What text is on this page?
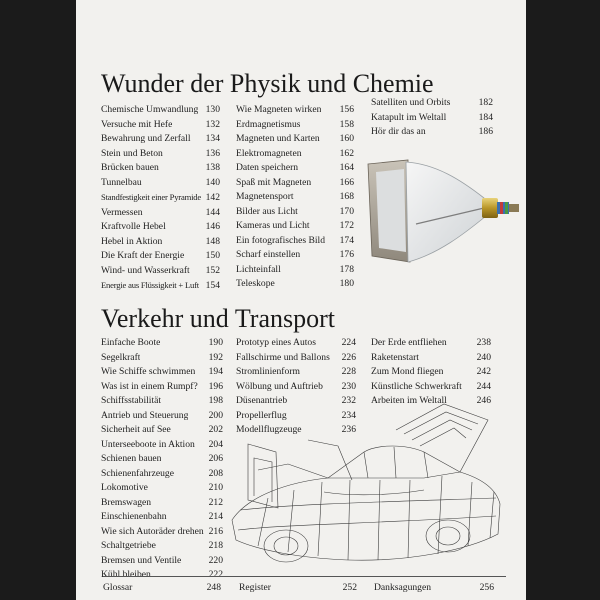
Wunder der Physik und Chemie
Chemische Umwandlung 130
Versuche mit Hefe	132
Bewahrung und Zerfall 134
Stein und Beton	136
Brücken bauen	138
Tunnelbau	140
Standfestigkeit einer Pyramide 142
Vermessen	144
Kraftvolle Hebel	146
Hebel in Aktion	148
Die Kraft der Energie 150
Wind- und Wasserkraft 152
Energie aus Flüssigkeit + Luft 154
Wie Magneten wirken 156
Erdmagnetismus	158
Magneten und Karten 160
Elektromagneten	162
Daten speichern	164
Spaß mit Magneten	166
Magnetensport	168
Bilder aus Licht	170
Kameras und Licht	172
Ein fotografisches Bild 174
Scharf einstellen	176
Lichteinfall	178
Teleskope	180
Satelliten und Orbits	182
Katapult im Weltall	184
Hör dir das an	186
Verkehr und Transport
Einfache Boote	190
Segelkraft	192
Wie Schiffe schwimmen 194
Was ist in einem Rumpf? 196
Schiffsstabilität	198
Antrieb und Steuerung 200
Sicherheit auf See	202
Unterseeboote in Aktion 204
Schienen bauen	206
Schienenfahrzeuge	208
Lokomotive	210
Bremswagen	212
Einschienenbahn	214
Wie sich Autoräder drehen 216
Schaltgetriebe	218
Bremsen und Ventile	220
Kühl bleiben	222
Prototyp eines Autos	224
Fallschirme und Ballons 226
Stromlinienform	228
Wölbung und Auftrieb 230
Düsenantrieb	232
Propellerflug	234
Modellflugzeuge	236
Der Erde entfliehen	238
Raketenstart	240
Zum Mond fliegen	242
Künstliche Schwerkraft 244
Arbeiten im Weltall	246
Glossar	248 Register	252 Danksagungen	256
